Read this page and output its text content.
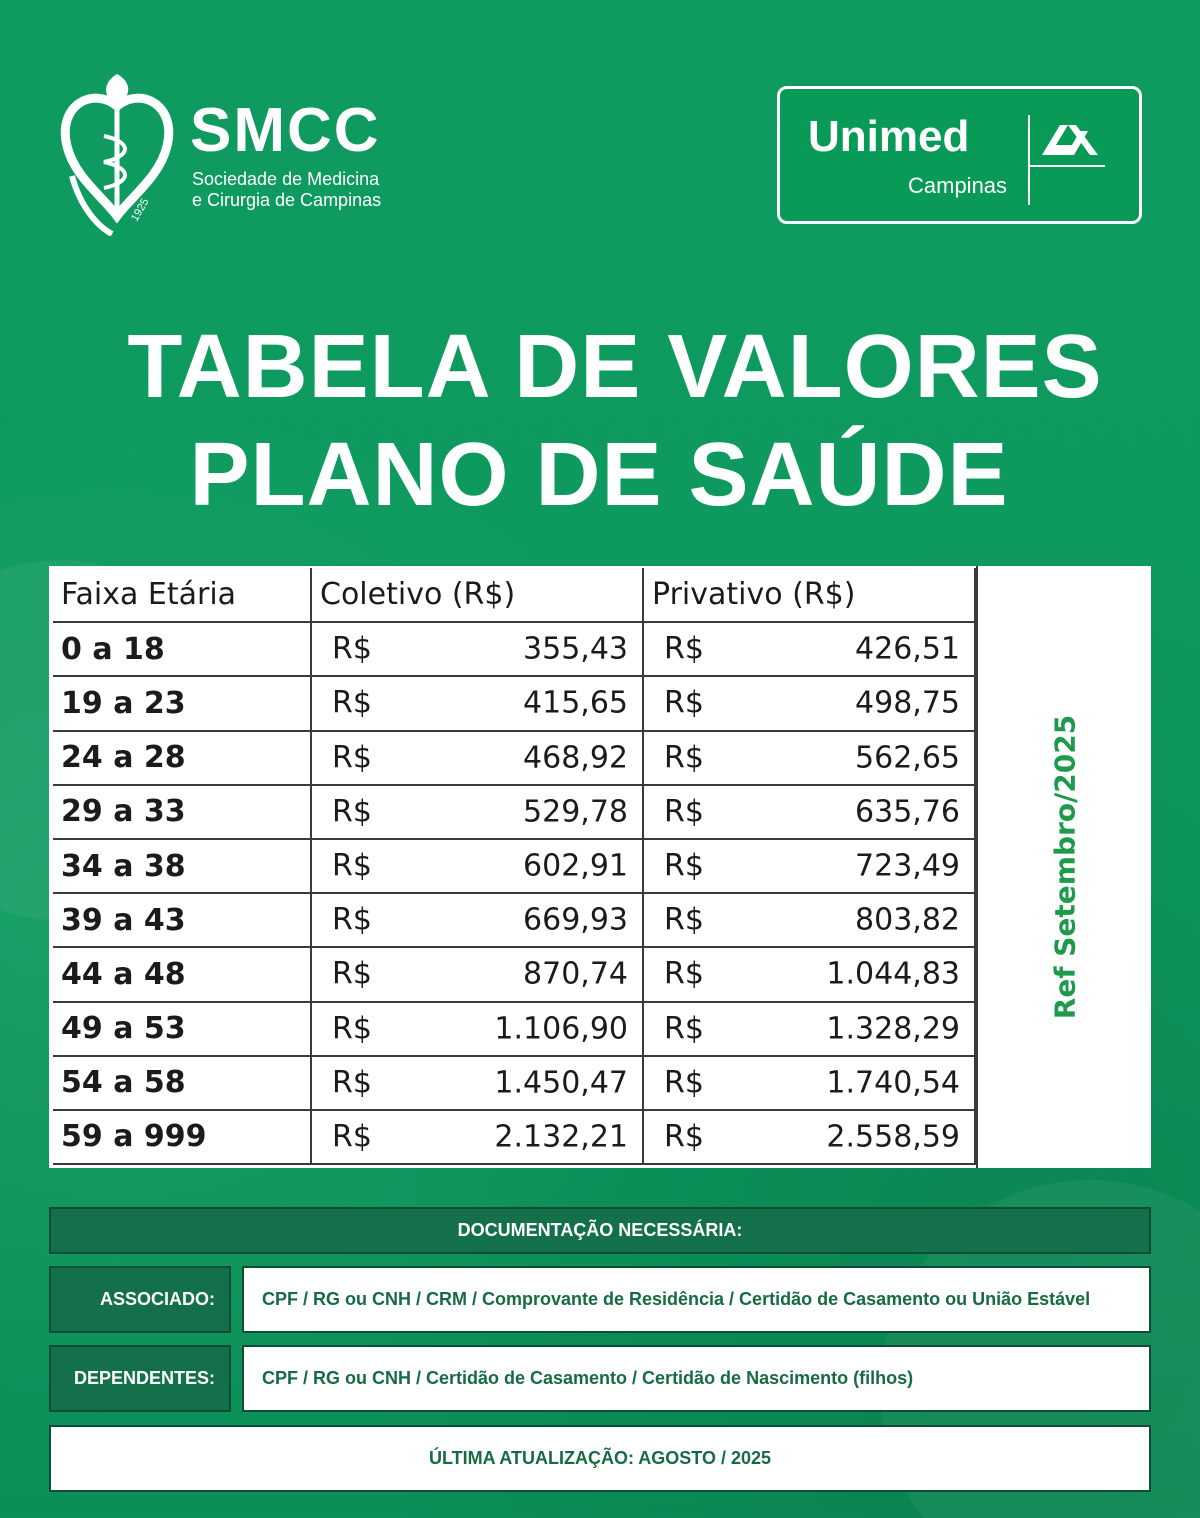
SMCC
Sociedade de Medicina
e Cirurgia de Campinas
1925
Unimed
Campinas
TABELA DE VALORES
PLANO DE SAÚDE
Faixa Etária	Coletivo (R$)	Privativo (R$)
0 a 18	R$ 355,43	R$ 426,51

19 a 23	R$ 415,65	R$ 498,75

24 a 28	R$ 468,92	R$ 562,65

29 a 33	R$ 529,78	R$ 635,76

34 a 38	R$ 602,91	R$ 723,49

39 a 43	R$ 669,93	R$ 803,82

44 a 48	R$ 870,74	R$ 1.044,83

49 a 53	R$ 1.106,90	R$ 1.328,29

54 a 58	R$ 1.450,47	R$ 1.740,54

59 a 999	R$ 2.132,21	R$ 2.558,59
Ref Setembro/2025
DOCUMENTAÇÃO NECESSÁRIA:
ASSOCIADO:	CPF / RG ou CNH / CRM / Comprovante de Residência / Certidão de Casamento ou União Estável
DEPENDENTES:	CPF / RG ou CNH / Certidão de Casamento / Certidão de Nascimento (filhos)
ÚLTIMA ATUALIZAÇÃO: AGOSTO / 2025
